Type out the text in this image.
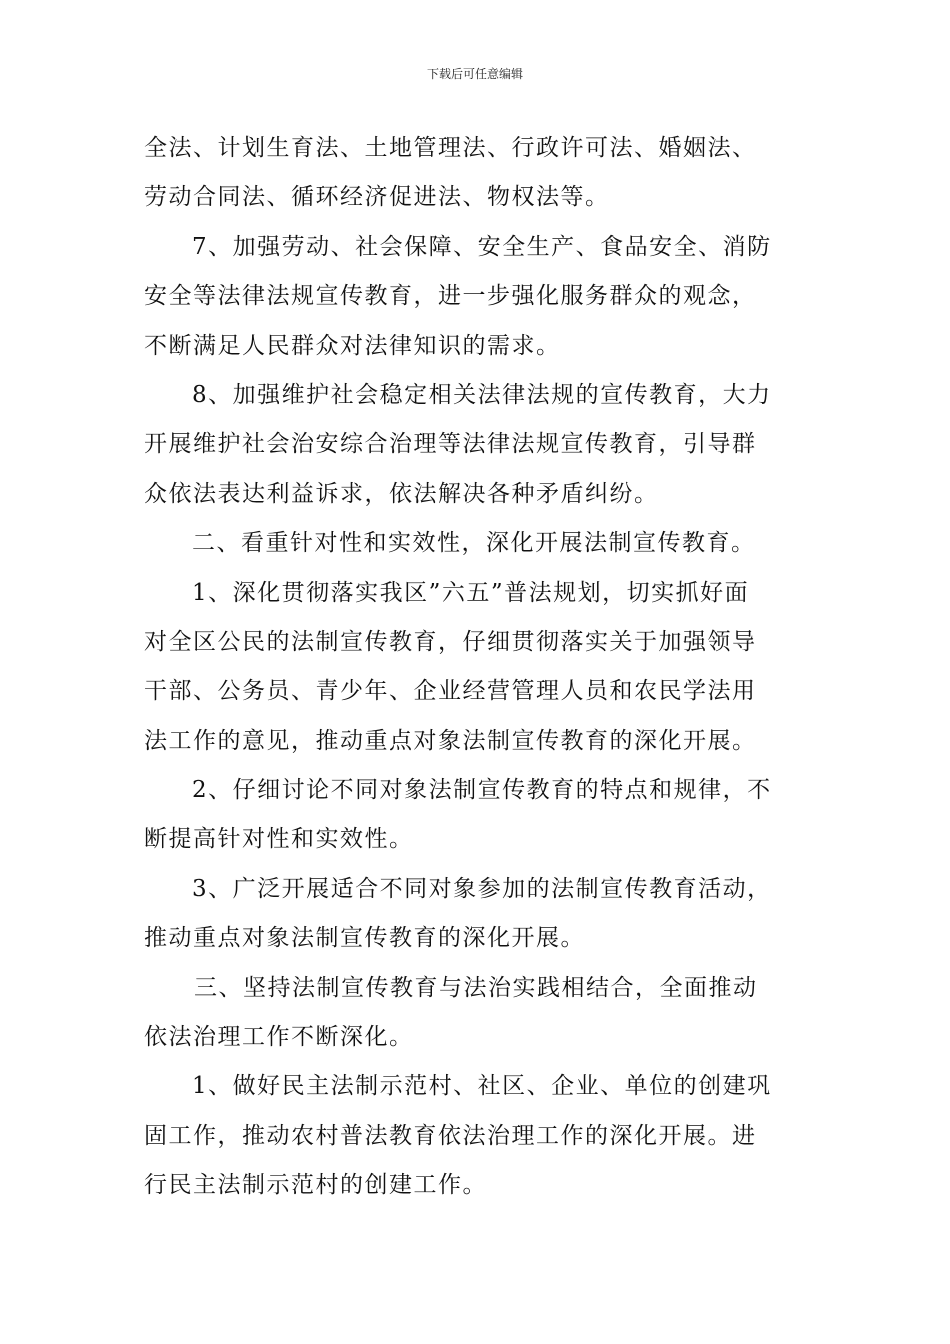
下载后可任意编辑
全法、计划生育法、土地管理法、行政许可法、婚姻法、
劳动合同法、循环经济促进法、物权法等。
7、加强劳动、社会保障、安全生产、食品安全、消防
安全等法律法规宣传教育，进一步强化服务群众的观念，
不断满足人民群众对法律知识的需求。
8、加强维护社会稳定相关法律法规的宣传教育，大力
开展维护社会治安综合治理等法律法规宣传教育，引导群
众依法表达利益诉求，依法解决各种矛盾纠纷。
二、看重针对性和实效性，深化开展法制宣传教育。
1、深化贯彻落实我区”六五”普法规划，切实抓好面
对全区公民的法制宣传教育，仔细贯彻落实关于加强领导
干部、公务员、青少年、企业经营管理人员和农民学法用
法工作的意见，推动重点对象法制宣传教育的深化开展。
2、仔细讨论不同对象法制宣传教育的特点和规律，不
断提高针对性和实效性。
3、广泛开展适合不同对象参加的法制宣传教育活动，
推动重点对象法制宣传教育的深化开展。
三、坚持法制宣传教育与法治实践相结合，全面推动
依法治理工作不断深化。
1、做好民主法制示范村、社区、企业、单位的创建巩
固工作，推动农村普法教育依法治理工作的深化开展。进
行民主法制示范村的创建工作。
